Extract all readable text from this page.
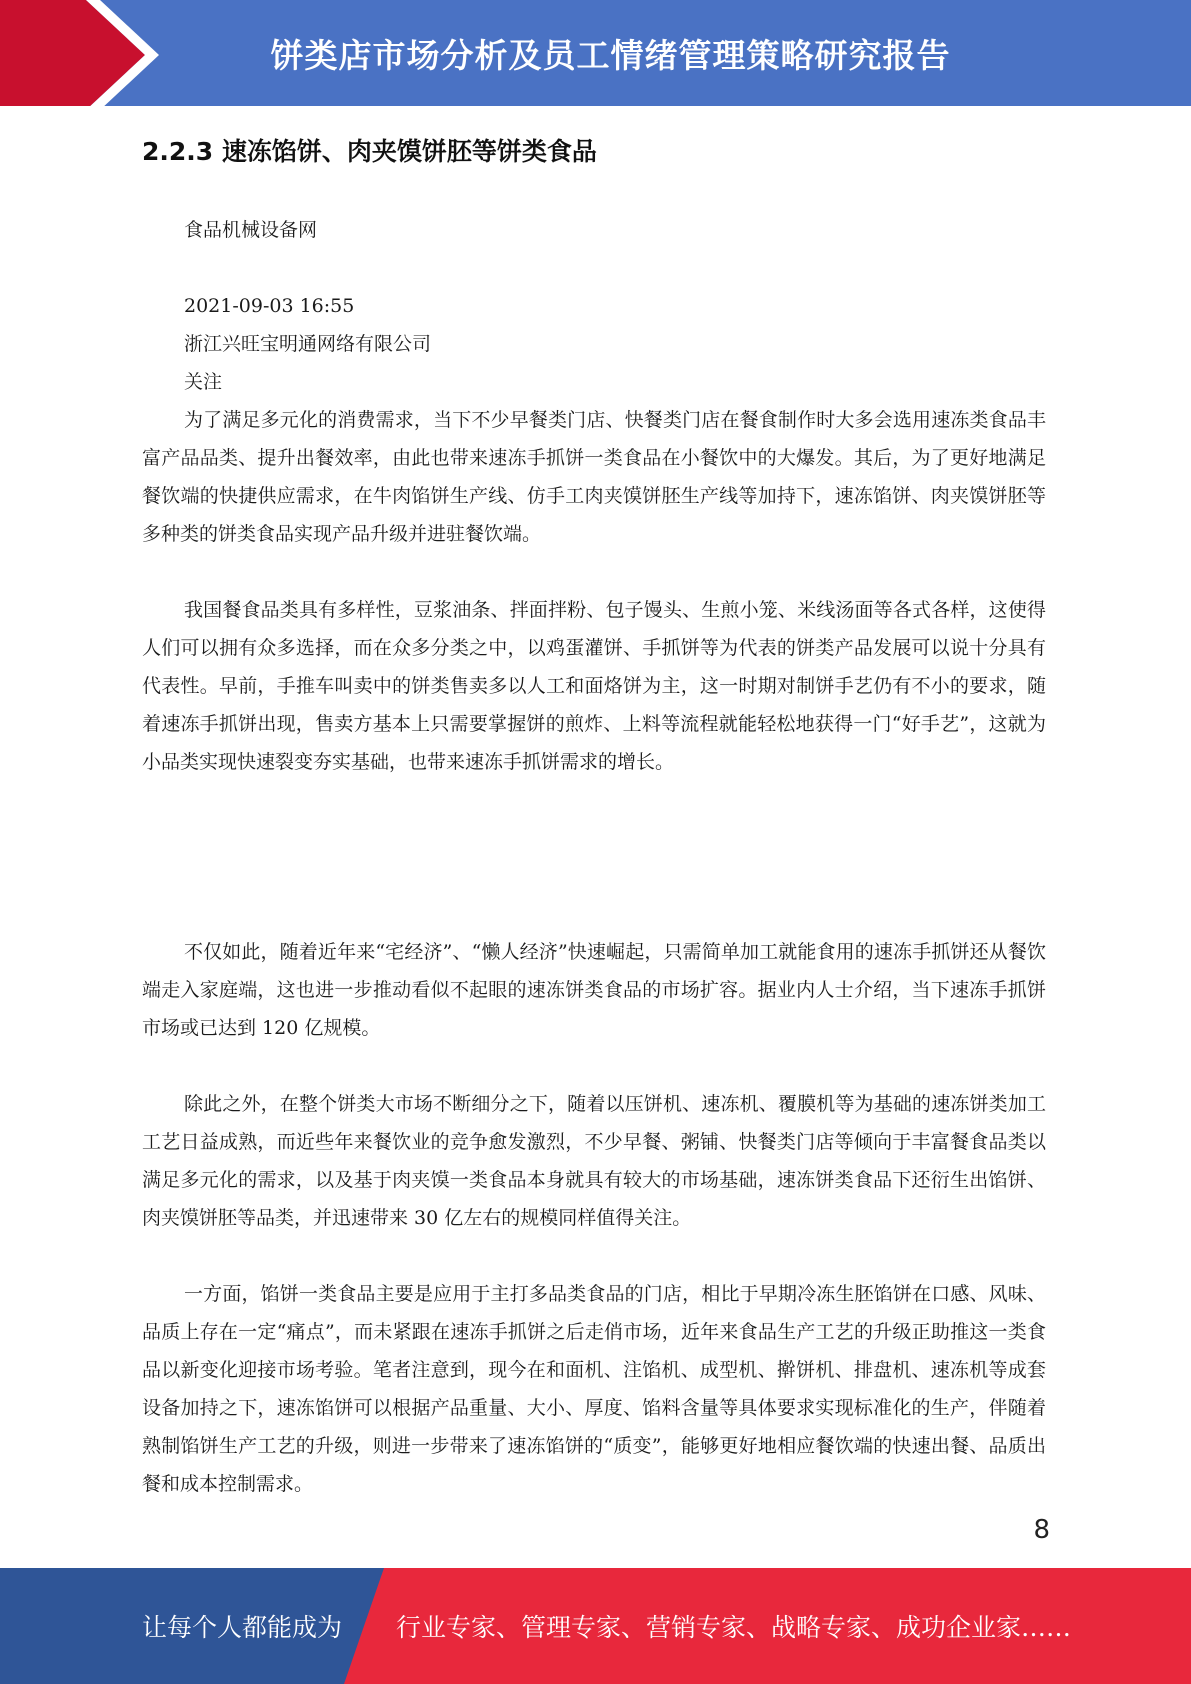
饼类店市场分析及员工情绪管理策略研究报告
2.2.3 速冻馅饼、肉夹馍饼胚等饼类食品
食品机械设备网
2021-09-03 16:55
浙江兴旺宝明通网络有限公司
关注

为了满足多元化的消费需求，当下不少早餐类门店、快餐类门店在餐食制作时大多会选用速冻类食品丰富产品品类、提升出餐效率，由此也带来速冻手抓饼一类食品在小餐饮中的大爆发。其后，为了更好地满足餐饮端的快捷供应需求，在牛肉馅饼生产线、仿手工肉夹馍饼胚生产线等加持下，速冻馅饼、肉夹馍饼胚等多种类的饼类食品实现产品升级并进驻餐饮端。

我国餐食品类具有多样性，豆浆油条、拌面拌粉、包子馒头、生煎小笼、米线汤面等各式各样，这使得人们可以拥有众多选择，而在众多分类之中，以鸡蛋灌饼、手抓饼等为代表的饼类产品发展可以说十分具有代表性。早前，手推车叫卖中的饼类售卖多以人工和面烙饼为主，这一时期对制饼手艺仍有不小的要求，随着速冻手抓饼出现，售卖方基本上只需要掌握饼的煎炸、上料等流程就能轻松地获得一门“好手艺”，这就为小品类实现快速裂变夯实基础，也带来速冻手抓饼需求的增长。

不仅如此，随着近年来“宅经济”、“懒人经济”快速崛起，只需简单加工就能食用的速冻手抓饼还从餐饮端走入家庭端，这也进一步推动看似不起眼的速冻饼类食品的市场扩容。据业内人士介绍，当下速冻手抓饼市场或已达到 120 亿规模。

除此之外，在整个饼类大市场不断细分之下，随着以压饼机、速冻机、覆膜机等为基础的速冻饼类加工工艺日益成熟，而近些年来餐饮业的竞争愈发激烈，不少早餐、粥铺、快餐类门店等倾向于丰富餐食品类以满足多元化的需求，以及基于肉夹馍一类食品本身就具有较大的市场基础，速冻饼类食品下还衍生出馅饼、肉夹馍饼胚等品类，并迅速带来 30 亿左右的规模同样值得关注。

一方面，馅饼一类食品主要是应用于主打多品类食品的门店，相比于早期冷冻生胚馅饼在口感、风味、品质上存在一定“痛点”，而未紧跟在速冻手抓饼之后走俏市场，近年来食品生产工艺的升级正助推这一类食品以新变化迎接市场考验。笔者注意到，现今在和面机、注馅机、成型机、擀饼机、排盘机、速冻机等成套设备加持之下，速冻馅饼可以根据产品重量、大小、厚度、馅料含量等具体要求实现标准化的生产，伴随着熟制馅饼生产工艺的升级，则进一步带来了速冻馅饼的“质变”，能够更好地相应餐饮端的快速出餐、品质出餐和成本控制需求。

8
让每个人都能成为 行业专家、管理专家、营销专家、战略专家、成功企业家……
